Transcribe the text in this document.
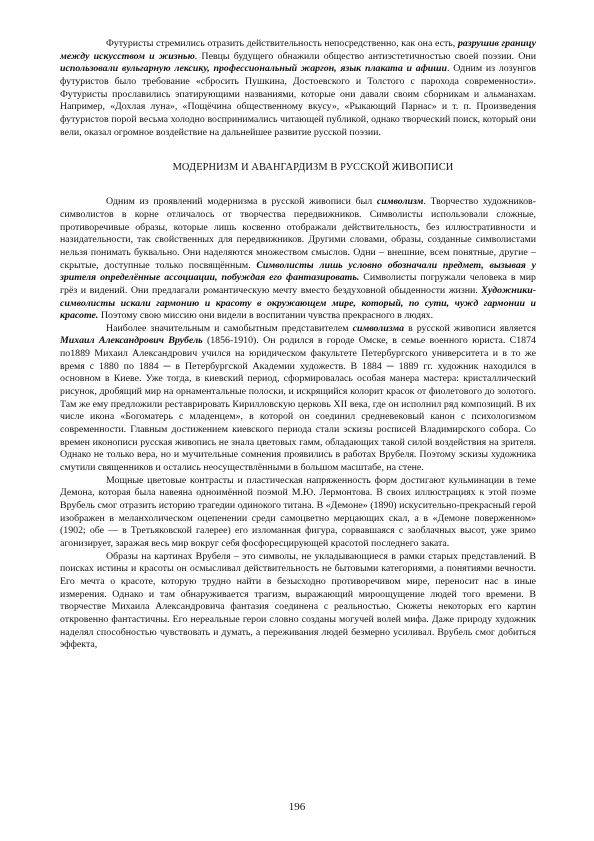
Футуристы стремились отразить действительность непосредственно, как она есть, разрушив границу между искусством и жизнью. Певцы будущего обнажили общество антиэстетичностью своей поэзии. Они использовали вульгарную лексику, профессиональный жаргон, язык плаката и афиши. Одним из лозунгов футуристов было требование «сбросить Пушкина, Достоевского и Толстого с парохода современности». Футуристы прославились эпатирующими названиями, которые они давали своим сборникам и альманахам. Например, «Дохлая луна», «Пощёчина общественному вкусу», «Рыкающий Парнас» и т. п. Произведения футуристов порой весьма холодно воспринимались читающей публикой, однако творческий поиск, который они вели, оказал огромное воздействие на дальнейшее развитие русской поэзии.

МОДЕРНИЗМ И АВАНГАРДИЗМ В РУССКОЙ ЖИВОПИСИ

Одним из проявлений модернизма в русской живописи был символизм. Творчество художников-символистов в корне отличалось от творчества передвижников. Символисты использовали сложные, противоречивые образы, которые лишь косвенно отображали действительность, без иллюстративности и назидательности, так свойственных для передвижников. Другими словами, образы, созданные символистами нельзя понимать буквально. Они наделяются множеством смыслов. Одни – внешние, всем понятные, другие – скрытые, доступные только посвящённым. Символисты лишь условно обозначали предмет, вызывая у зрителя определённые ассоциации, побуждая его фантазировать. Символисты погружали человека в мир грёз и видений. Они предлагали романтическую мечту вместо бездуховной обыденности жизни. Художники-символисты искали гармонию и красоту в окружающем мире, который, по сути, чужд гармонии и красоте. Поэтому свою миссию они видели в воспитании чувства прекрасного в людях.

Наиболее значительным и самобытным представителем символизма в русской живописи является Михаил Александрович Врубель (1856-1910). Он родился в городе Омске, в семье военного юриста. С1874 по1889 Михаил Александрович учился на юридическом факультете Петербургского университета и в то же время с 1880 по 1884 ─ в Петербургской Академии художеств. В 1884 ─ 1889 гг. художник находился в основном в Киеве. Уже тогда, в киевский период, сформировалась особая манера мастера: кристаллический рисунок, дробящий мир на орнаментальные полоски, и искрящийся колорит красок от фиолетового до золотого. Там же ему предложили реставрировать Кирилловскую церковь XII века, где он исполнил ряд композиций. В их числе икона «Богоматерь с младенцем», в которой он соединил средневековый канон с психологизмом современности. Главным достижением киевского периода стали эскизы росписей Владимирского собора. Со времен иконописи русская живопись не знала цветовых гамм, обладающих такой силой воздействия на зрителя. Однако не только вера, но и мучительные сомнения проявились в работах Врубеля. Поэтому эскизы художника смутили священников и остались неосуществлёнными в большом масштабе, на стене.

Мощные цветовые контрасты и пластическая напряженность форм достигают кульминации в теме Демона, которая была навеяна одноимённой поэмой М.Ю. Лермонтова. В своих иллюстрациях к этой поэме Врубель смог отразить историю трагедии одинокого титана. В «Демоне» (1890) искусительно-прекрасный герой изображен в меланхолическом оцепенении среди самоцветно мерцающих скал, а в «Демоне поверженном» (1902; обе — в Третьяковской галерее) его изломанная фигура, сорвавшаяся с заоблачных высот, уже зримо агонизирует, заражая весь мир вокруг себя фосфоресцирующей красотой последнего заката.

Образы на картинах Врубеля – это символы, не укладывающиеся в рамки старых представлений. В поисках истины и красоты он осмысливал действительность не бытовыми категориями, а понятиями вечности. Его мечта о красоте, которую трудно найти в безысходно противоречивом мире, переносит нас в иные измерения. Однако и там обнаруживается трагизм, выражающий мироощущение людей того времени. В творчестве Михаила Александровича фантазия соединена с реальностью. Сюжеты некоторых его картин откровенно фантастичны. Его нереальные герои словно созданы могучей волей мифа. Даже природу художник наделял способностью чувствовать и думать, а переживания людей безмерно усиливал. Врубель смог добиться эффекта,

196
